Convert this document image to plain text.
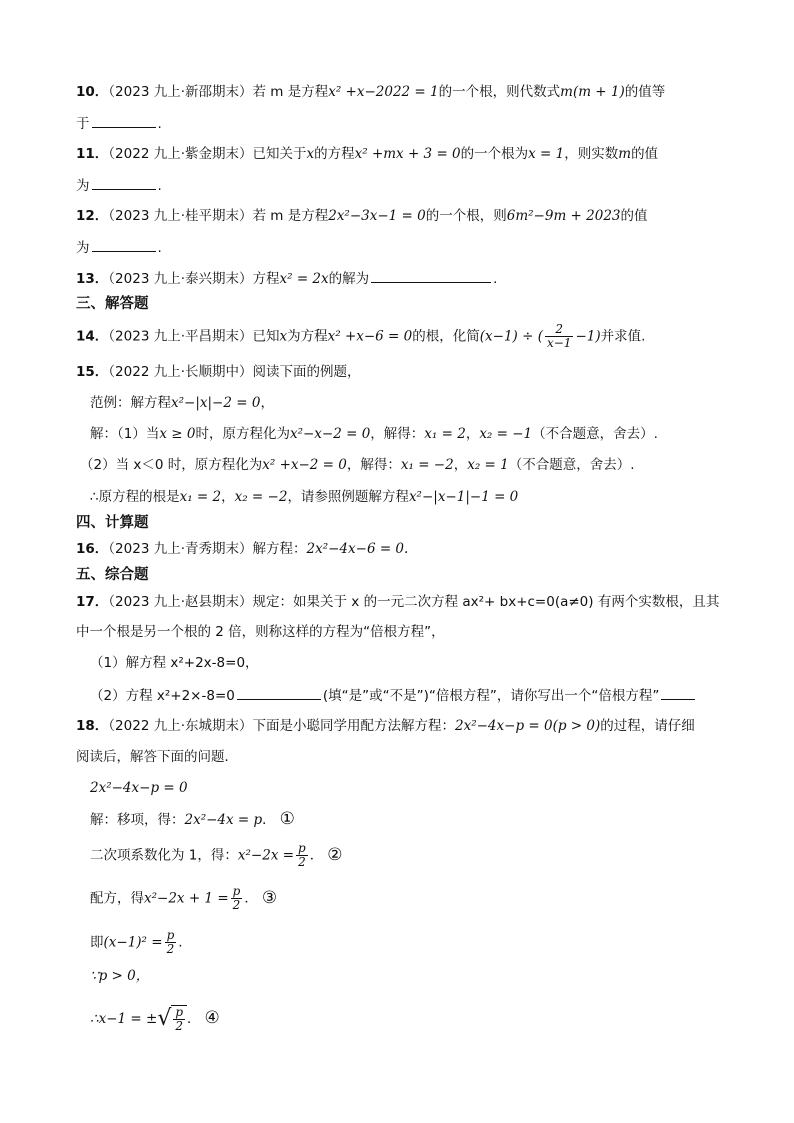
10．（2023 九上·新邵期末）若 m 是方程x² +x−2022 = 1的一个根，则代数式m(m + 1)的值等
于	.
11．（2022 九上·紫金期末）已知关于x的方程x² +mx + 3 = 0的一个根为x = 1，则实数m的值
为	.
12．（2023 九上·桂平期末）若 m 是方程2x²−3x−1 = 0的一个根，则6m²−9m + 2023的值
为	.
13．（2023 九上·泰兴期末）方程x² = 2x的解为	.
三、解答题
14．（2023 九上·平昌期末）已知x为方程x² +x−6 = 0的根，化简(x−1) ÷ ( $\frac{2}{x-1} -1$)并求值.
15．（2022 九上·长顺期中）阅读下面的例题，
范例：解方程x²−|x|−2 = 0，
解：（1）当x ≥ 0时，原方程化为x²−x−2 = 0，解得：x₁ = 2，x₂ = −1（不合题意，舍去）.
（2）当 x＜0 时，原方程化为x² +x−2 = 0，解得：x₁ = −2，x₂ = 1（不合题意，舍去）.
∴原方程的根是x₁ = 2，x₂ = −2，请参照例题解方程x²−|x−1|−1 = 0
四、计算题
16．（2023 九上·青秀期末）解方程：2x²−4x−6 = 0.
五、综合题
17．（2023 九上·赵县期末）规定：如果关于 x 的一元二次方程 ax²+ bx+c=0(a≠0) 有两个实数根，且其
中一个根是另一个根的 2 倍，则称这样的方程为“倍根方程”，
（1）解方程 x²+2x-8=0，
（2）方程 x²+2×-8=0	(填“是”或“不是”)“倍根方程”，请你写出一个“倍根方程”
18．（2022 九上·东城期末）下面是小聪同学用配方法解方程：2x²−4x−p = 0(p > 0)的过程，请仔细
阅读后，解答下面的问题．
2x²−4x−p = 0
解：移项，得：2x²−4x = p． ①
二次项系数化为 1，得：$x^2-2x = \frac{p}{2}$ ． ②
配方，得$x^2-2x + 1 = \frac{p}{2}$ ． ③
即$(x-1)^2 = \frac{p}{2}$ .
∵p > 0，
∴x−1 = ±√ $\frac{p}{2}$ ． ④
